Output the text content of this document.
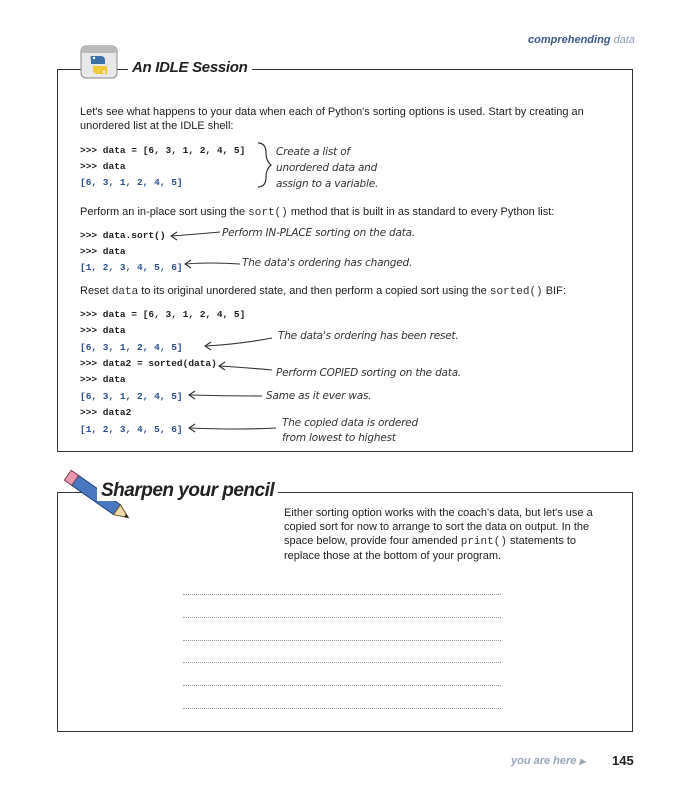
comprehending data
An IDLE Session
Let's see what happens to your data when each of Python's sorting options is used. Start by creating an unordered list at the IDLE shell:
>>> data = [6, 3, 1, 2, 4, 5]
>>> data
[6, 3, 1, 2, 4, 5]
Create a list of
unordered data and
assign to a variable.
Perform an in-place sort using the sort() method that is built in as standard to every Python list:
>>> data.sort()
>>> data
[1, 2, 3, 4, 5, 6]
Perform IN-PLACE sorting on the data.
The data's ordering has changed.
Reset data to its original unordered state, and then perform a copied sort using the sorted() BIF:
>>> data = [6, 3, 1, 2, 4, 5]
>>> data
[6, 3, 1, 2, 4, 5]
>>> data2 = sorted(data)
>>> data
[6, 3, 1, 2, 4, 5]
>>> data2
[1, 2, 3, 4, 5, 6]
The data's ordering has been reset.
Perform COPIED sorting on the data.
Same as it ever was.
The copied data is ordered
from lowest to highest
Sharpen your pencil
Either sorting option works with the coach's data, but let's use a copied sort for now to arrange to sort the data on output. In the space below, provide four amended print() statements to replace those at the bottom of your program.
you are here ▶ 145
